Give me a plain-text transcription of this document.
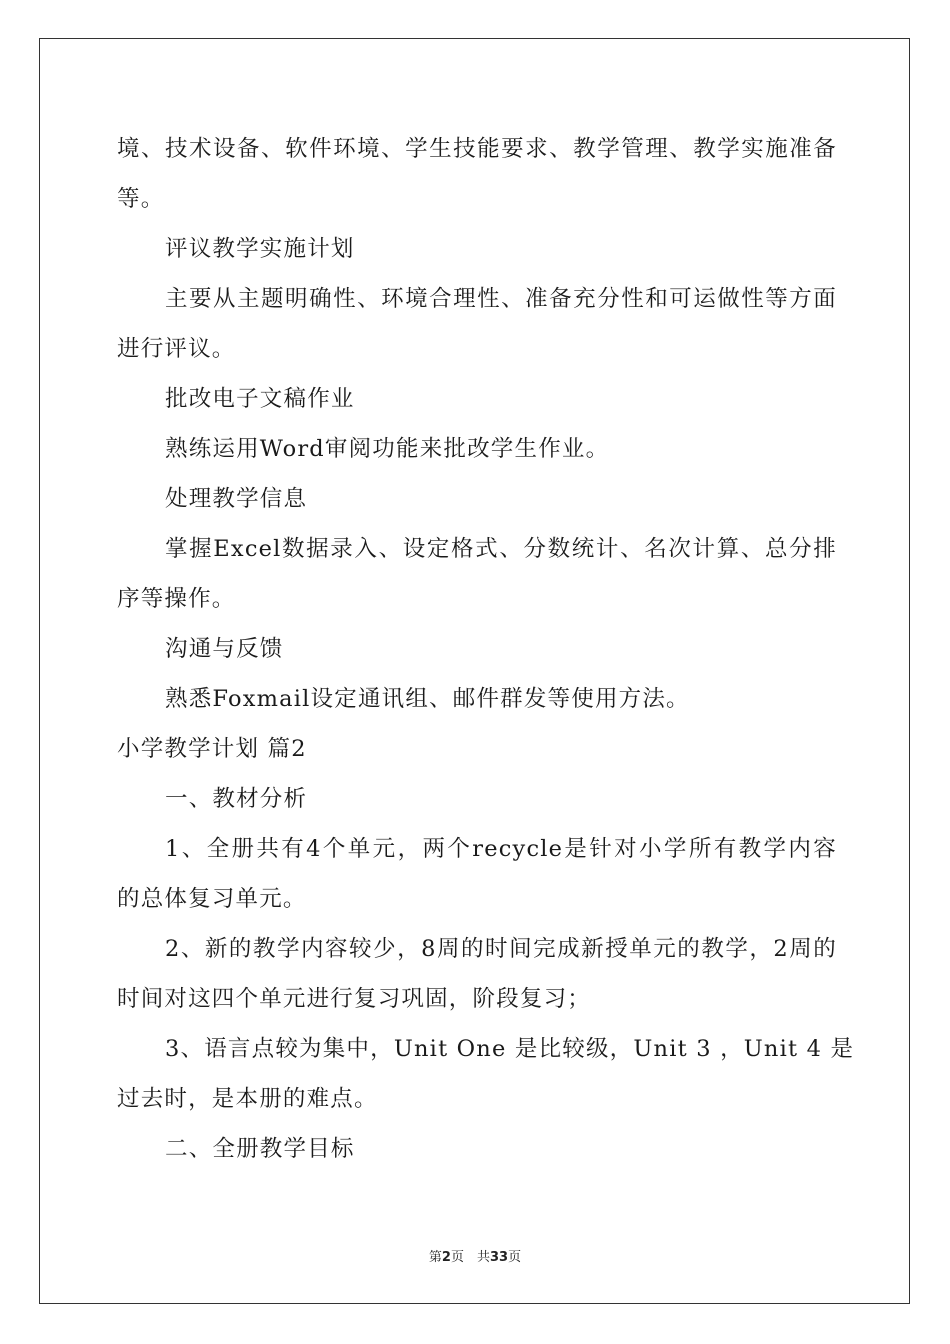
境、技术设备、软件环境、学生技能要求、教学管理、教学实施准备
等。
评议教学实施计划
主要从主题明确性、环境合理性、准备充分性和可运做性等方面
进行评议。
批改电子文稿作业
熟练运用Word审阅功能来批改学生作业。
处理教学信息
掌握Excel数据录入、设定格式、分数统计、名次计算、总分排
序等操作。
沟通与反馈
熟悉Foxmail设定通讯组、邮件群发等使用方法。
小学教学计划 篇2
一、教材分析
1、全册共有4个单元，两个recycle是针对小学所有教学内容
的总体复习单元。
2、新的教学内容较少，8周的时间完成新授单元的教学，2周的
时间对这四个单元进行复习巩固，阶段复习；
3、语言点较为集中，Unit One 是比较级，Unit 3 ，Unit 4 是
过去时，是本册的难点。
二、全册教学目标
第2页　共33页
